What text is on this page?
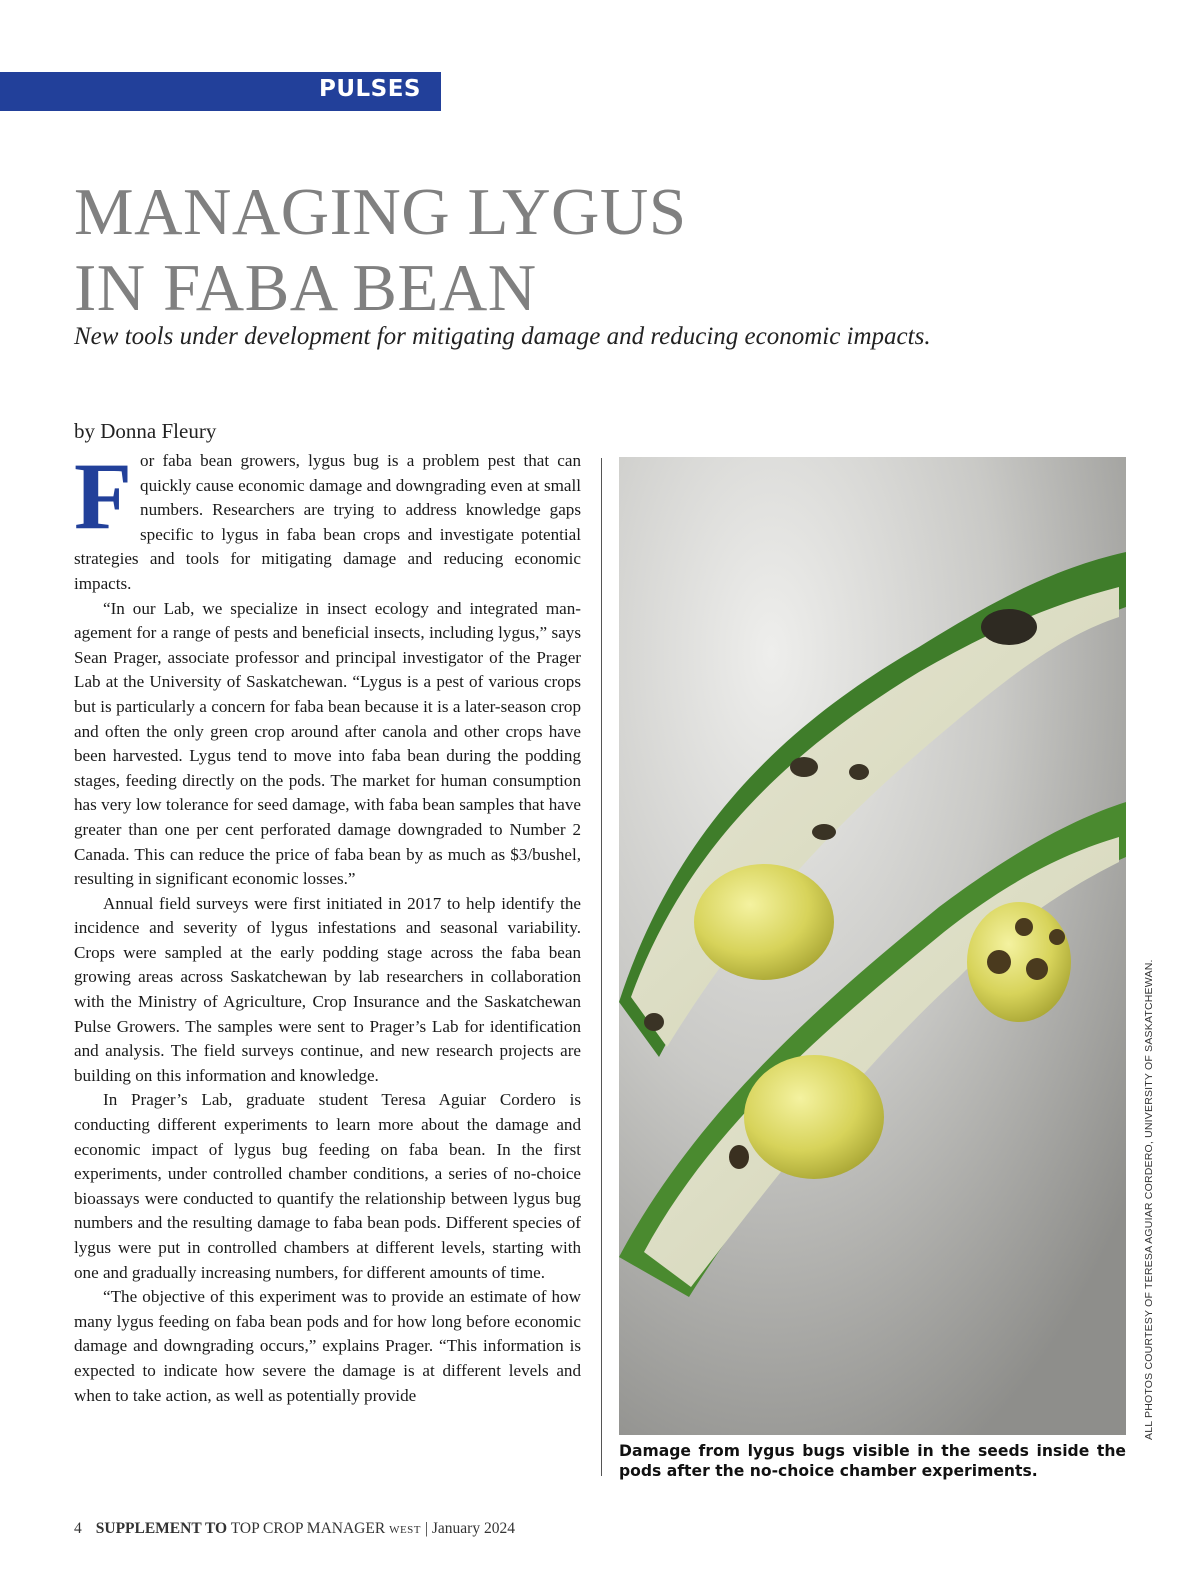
PULSES
MANAGING LYGUS
IN FABA BEAN
New tools under development for mitigating damage and reducing economic impacts.
by Donna Fleury

For faba bean growers, lygus bug is a problem pest that can quickly cause economic damage and downgrading even at small numbers. Researchers are trying to address knowledge gaps specific to lygus in faba bean crops and investigate potential strategies and tools for mitigating damage and reducing economic impacts.

“In our Lab, we specialize in insect ecology and integrated management for a range of pests and beneficial insects, including lygus,” says Sean Prager, associate professor and principal investigator of the Prager Lab at the University of Saskatchewan. “Lygus is a pest of various crops but is particularly a concern for faba bean because it is a later-season crop and often the only green crop around after canola and other crops have been harvested. Lygus tend to move into faba bean during the podding stages, feeding directly on the pods. The market for human consumption has very low tolerance for seed damage, with faba bean samples that have greater than one per cent perforated damage downgraded to Number 2 Canada. This can reduce the price of faba bean by as much as $3/bushel, resulting in significant economic losses.”

Annual field surveys were first initiated in 2017 to help identify the incidence and severity of lygus infestations and seasonal variability. Crops were sampled at the early podding stage across the faba bean growing areas across Saskatchewan by lab researchers in collaboration with the Ministry of Agriculture, Crop Insurance and the Saskatchewan Pulse Growers. The samples were sent to Prager’s Lab for identification and analysis. The field surveys continue, and new research projects are building on this information and knowledge.

In Prager’s Lab, graduate student Teresa Aguiar Cordero is conducting different experiments to learn more about the damage and economic impact of lygus bug feeding on faba bean. In the first experiments, under controlled chamber conditions, a series of no-choice bioassays were conducted to quantify the relationship between lygus bug numbers and the resulting damage to faba bean pods. Different species of lygus were put in controlled chambers at different levels, starting with one and gradually increasing numbers, for different amounts of time.

“The objective of this experiment was to provide an estimate of how many lygus feeding on faba bean pods and for how long before economic damage and downgrading occurs,” explains Prager. “This information is expected to indicate how severe the damage is at different levels and when to take action, as well as potentially provide

Damage from lygus bugs visible in the seeds inside the pods after the no-choice chamber experiments.
ALL PHOTOS COURTESY OF TERESA AGUIAR CORDERO, UNIVERSITY OF SASKATCHEWAN.
4 SUPPLEMENT TO TOP CROP MANAGER WEST | January 2024
